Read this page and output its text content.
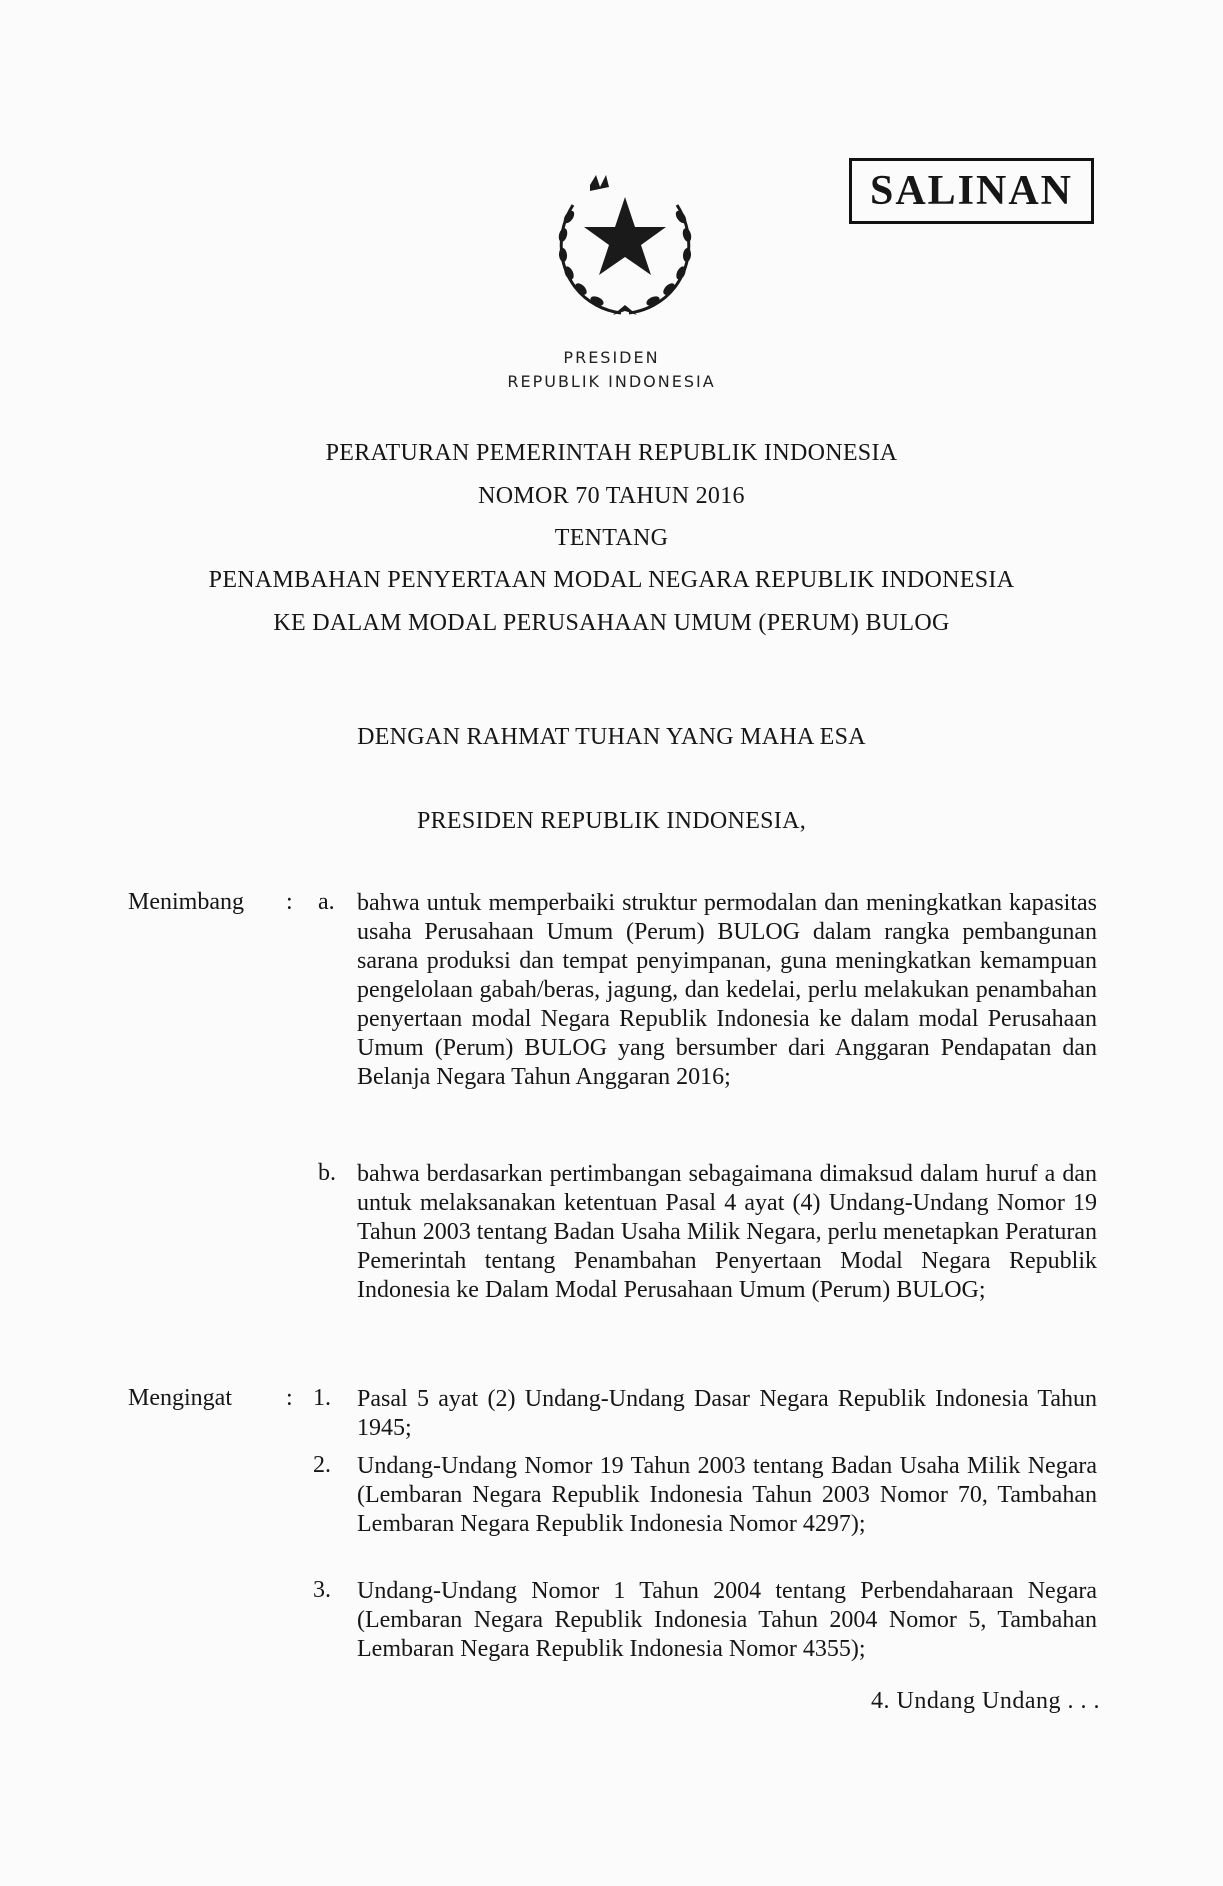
SALINAN
PRESIDEN
REPUBLIK INDONESIA
PERATURAN PEMERINTAH REPUBLIK INDONESIA
NOMOR 70 TAHUN 2016
TENTANG
PENAMBAHAN PENYERTAAN MODAL NEGARA REPUBLIK INDONESIA
KE DALAM MODAL PERUSAHAAN UMUM (PERUM) BULOG
DENGAN RAHMAT TUHAN YANG MAHA ESA
PRESIDEN REPUBLIK INDONESIA,
Menimbang : a. bahwa untuk memperbaiki struktur permodalan dan meningkatkan kapasitas usaha Perusahaan Umum (Perum) BULOG dalam rangka pembangunan sarana produksi dan tempat penyimpanan, guna meningkatkan kemampuan pengelolaan gabah/beras, jagung, dan kedelai, perlu melakukan penambahan penyertaan modal Negara Republik Indonesia ke dalam modal Perusahaan Umum (Perum) BULOG yang bersumber dari Anggaran Pendapatan dan Belanja Negara Tahun Anggaran 2016;
b. bahwa berdasarkan pertimbangan sebagaimana dimaksud dalam huruf a dan untuk melaksanakan ketentuan Pasal 4 ayat (4) Undang-Undang Nomor 19 Tahun 2003 tentang Badan Usaha Milik Negara, perlu menetapkan Peraturan Pemerintah tentang Penambahan Penyertaan Modal Negara Republik Indonesia ke Dalam Modal Perusahaan Umum (Perum) BULOG;
Mengingat : 1. Pasal 5 ayat (2) Undang-Undang Dasar Negara Republik Indonesia Tahun 1945;
2. Undang-Undang Nomor 19 Tahun 2003 tentang Badan Usaha Milik Negara (Lembaran Negara Republik Indonesia Tahun 2003 Nomor 70, Tambahan Lembaran Negara Republik Indonesia Nomor 4297);
3. Undang-Undang Nomor 1 Tahun 2004 tentang Perbendaharaan Negara (Lembaran Negara Republik Indonesia Tahun 2004 Nomor 5, Tambahan Lembaran Negara Republik Indonesia Nomor 4355);
4. Undang Undang . . .
